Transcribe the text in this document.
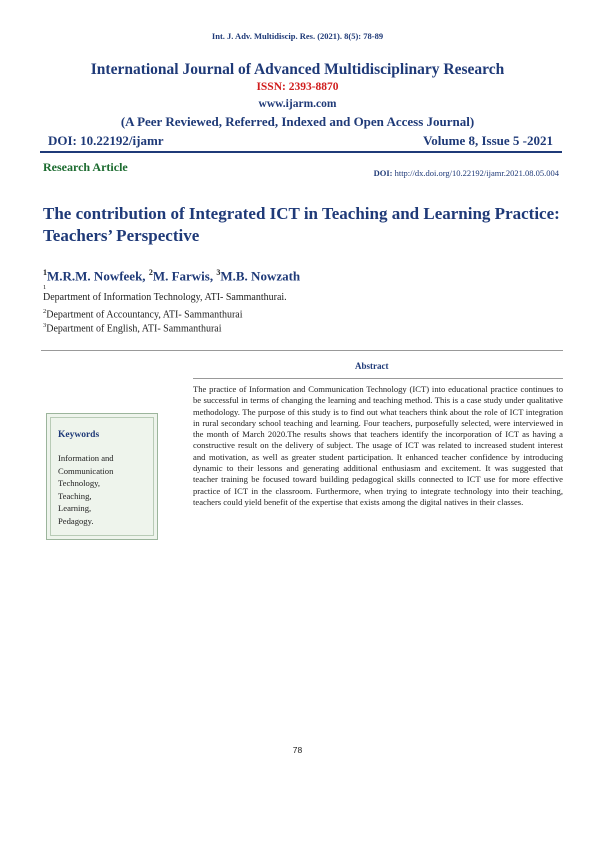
Int. J. Adv. Multidiscip. Res. (2021). 8(5): 78-89
International Journal of Advanced Multidisciplinary Research
ISSN: 2393-8870
www.ijarm.com
(A Peer Reviewed, Referred, Indexed and Open Access Journal)
DOI: 10.22192/ijamr	Volume 8, Issue 5 -2021
Research Article	DOI: http://dx.doi.org/10.22192/ijamr.2021.08.05.004
The contribution of Integrated ICT in Teaching and Learning Practice: Teachers’ Perspective
$^1$M.R.M. Nowfeek, $^2$M. Farwis, $^3$M.B. Nowzath
1
Department of Information Technology, ATI- Sammanthurai.
$^2$Department of Accountancy, ATI- Sammanthurai
$^3$Department of English, ATI- Sammanthurai
Abstract
The practice of Information and Communication Technology (ICT) into educational practice continues to be successful in terms of changing the learning and teaching method. This is a case study under qualitative methodology. The purpose of this study is to find out what teachers think about the role of ICT integration in rural secondary school teaching and learning. Four teachers, purposefully selected, were interviewed in the month of March 2020.The results shows that teachers identify the incorporation of ICT as having a constructive result on the delivery of subject. The usage of ICT was related to increased student interest and motivation, as well as greater student participation. It enhanced teacher confidence by introducing dynamic to their lessons and generating additional enthusiasm and excitement. It was suggested that teacher training be focused toward building pedagogical skills connected to ICT use for more effective practice of ICT in the classroom. Furthermore, when trying to integrate technology into their teaching, teachers could yield benefit of the expertise that exists among the digital natives in their classes.
Keywords
Information and Communication Technology,
Teaching,
Learning,
Pedagogy.
78
